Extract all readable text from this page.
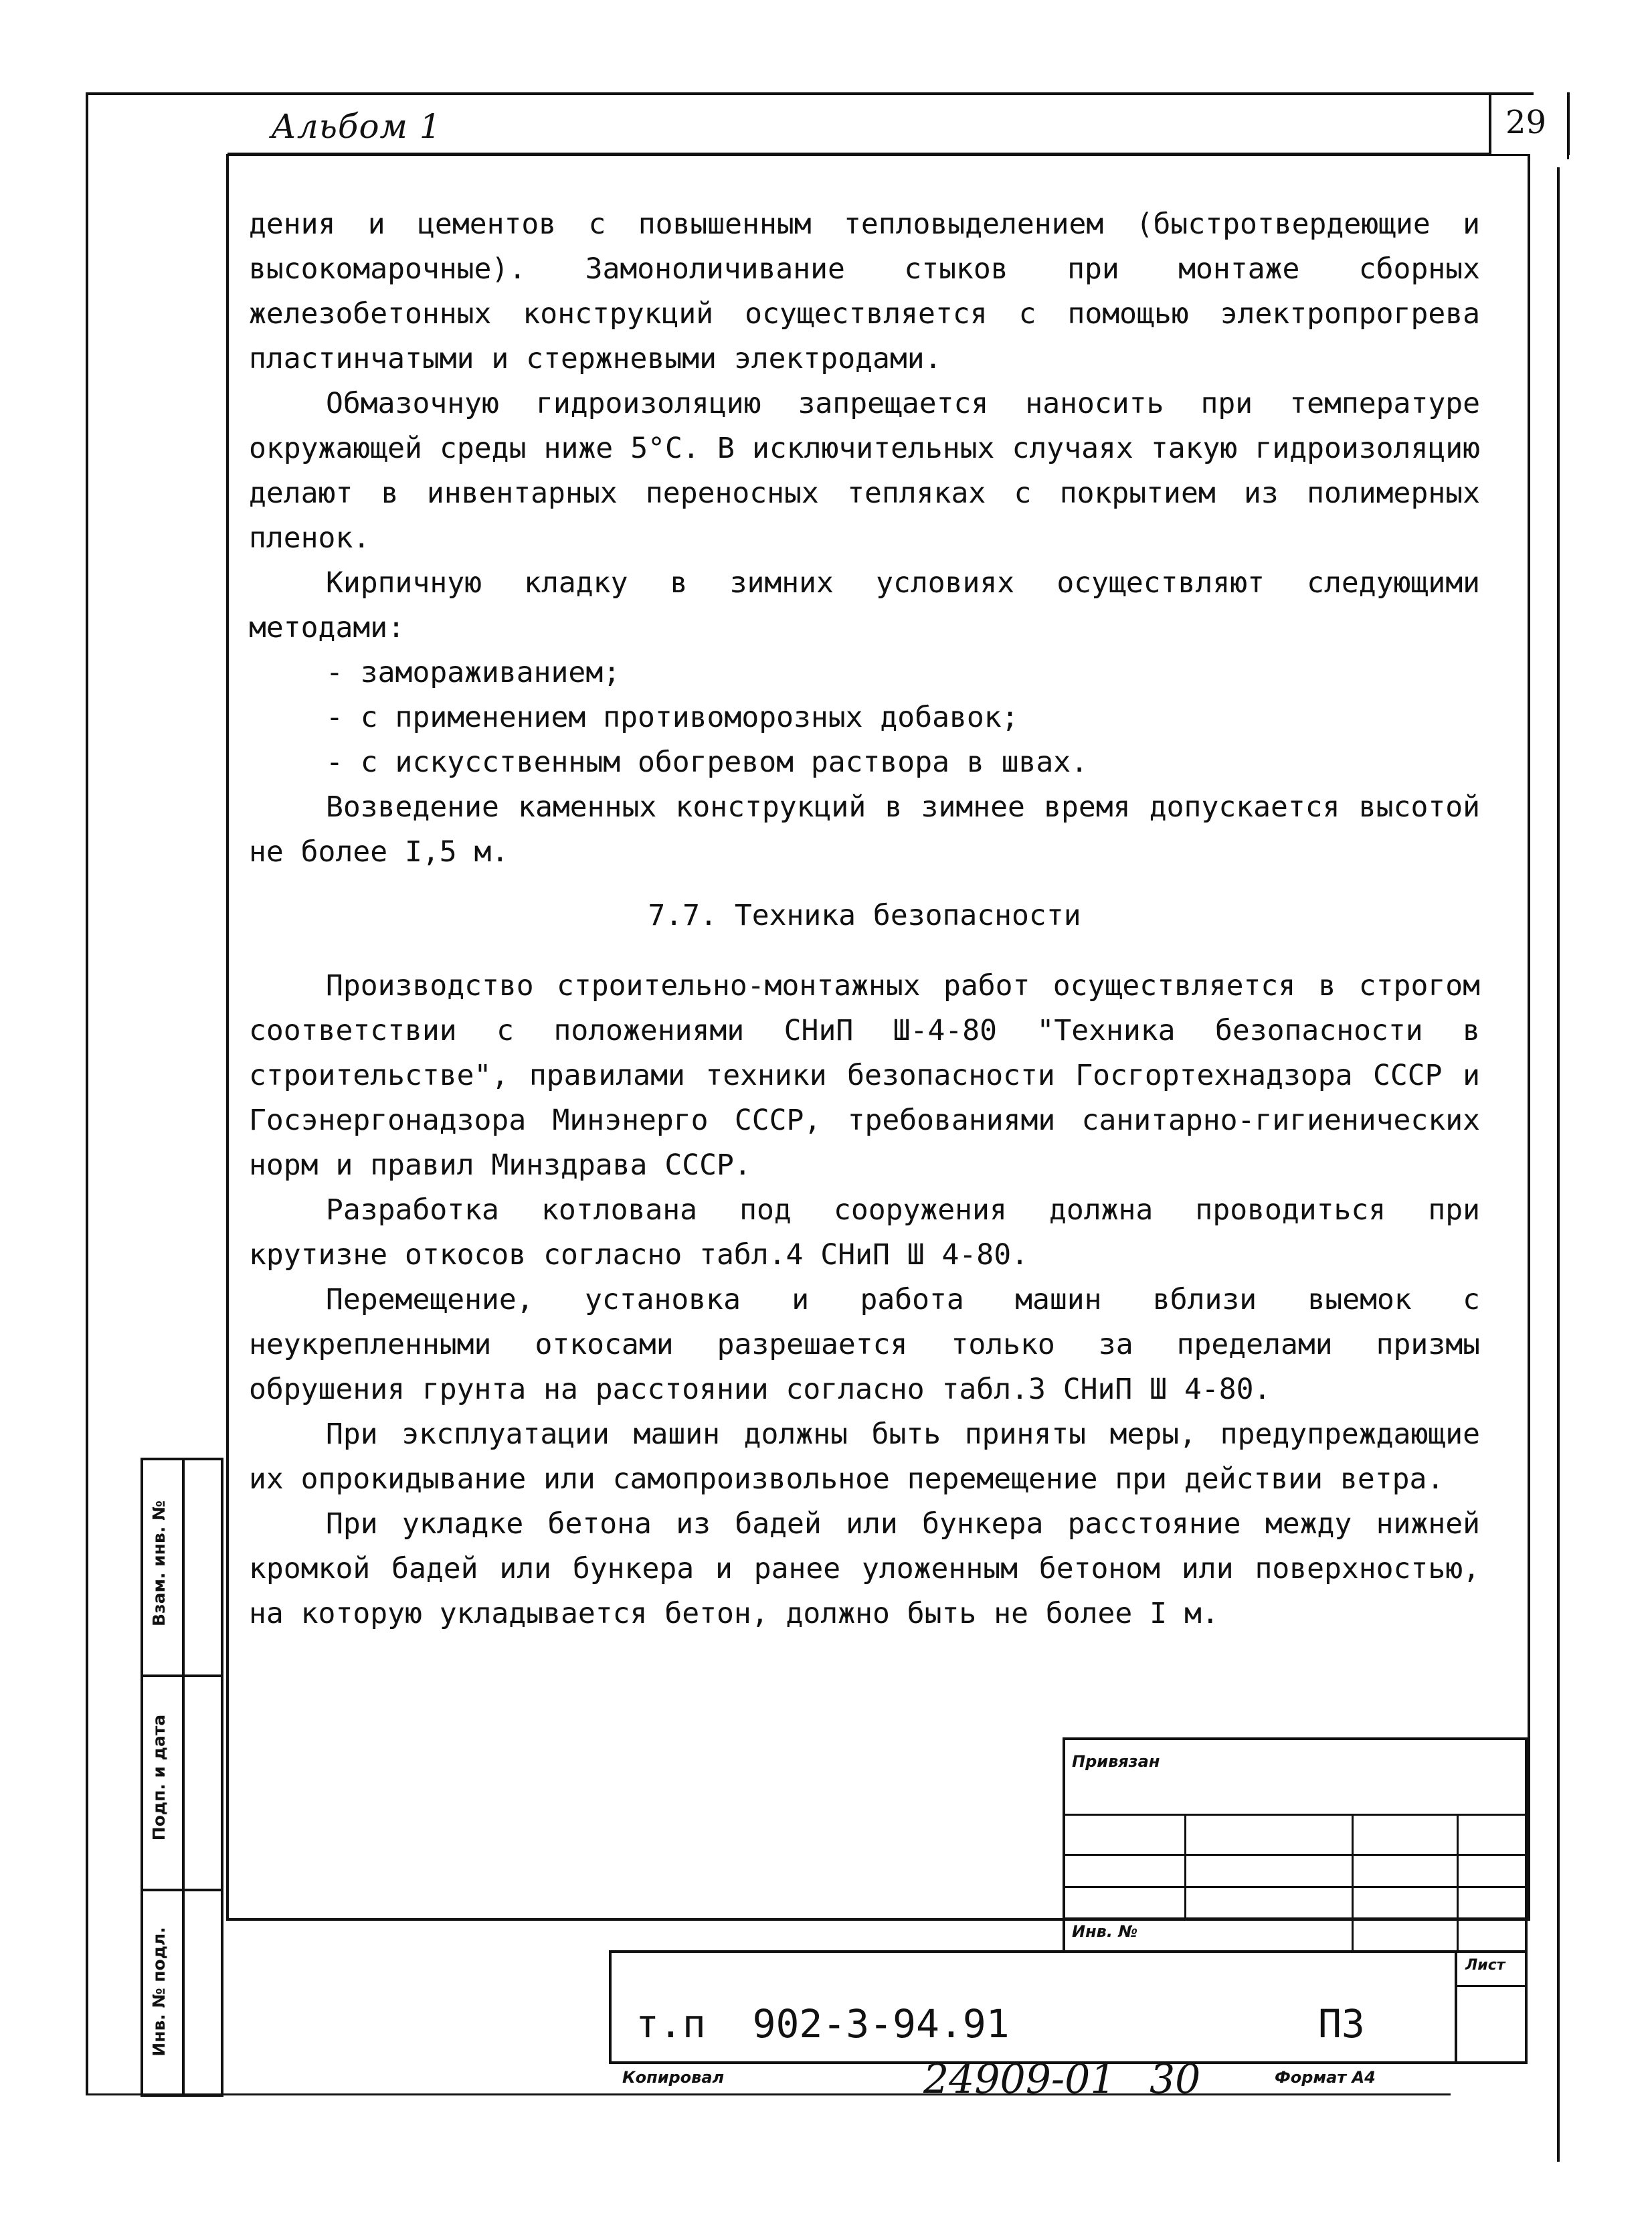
Альбом 1	29

дения и цементов с повышенным тепловыделением (быстротвердеющие и высокомарочные). Замоноличивание стыков при монтаже сборных железобетонных конструкций осуществляется с помощью электропрогрева пластинчатыми и стержневыми электродами.

Обмазочную гидроизоляцию запрещается наносить при температуре окружающей среды ниже 5°С. В исключительных случаях такую гидроизоляцию делают в инвентарных переносных тепляках с покрытием из полимерных пленок.

Кирпичную кладку в зимних условиях осуществляют следующими методами:

- замораживанием;

- с применением противоморозных добавок;

- с искусственным обогревом раствора в швах.

Возведение каменных конструкций в зимнее время допускается высотой не более I,5 м.

7.7. Техника безопасности

Производство строительно-монтажных работ осуществляется в строгом соответствии с положениями СНиП Ш-4-80 "Техника безопасности в строительстве", правилами техники безопасности Госгортехнадзора СССР и Госэнергонадзора Минэнерго СССР, требованиями санитарно-гигиенических норм и правил Минздрава СССР.

Разработка котлована под сооружения должна проводиться при крутизне откосов согласно табл.4 СНиП Ш 4-80.

Перемещение, установка и работа машин вблизи выемок с неукрепленными откосами разрешается только за пределами призмы обрушения грунта на расстоянии согласно табл.3 СНиП Ш 4-80.

При эксплуатации машин должны быть приняты меры, предупреждающие их опрокидывание или самопроизвольное перемещение при действии ветра.

При укладке бетона из бадей или бункера расстояние между нижней кромкой бадей или бункера и ранее уложенным бетоном или поверхностью, на которую укладывается бетон, должно быть не более I м.

Взам. инв. №
Подп. и дата
Инв. № подл.
Привязан
Инв. №
Лист
т.п  902-3-94.91	П3
Копировал	24909-01 30	Формат А4
